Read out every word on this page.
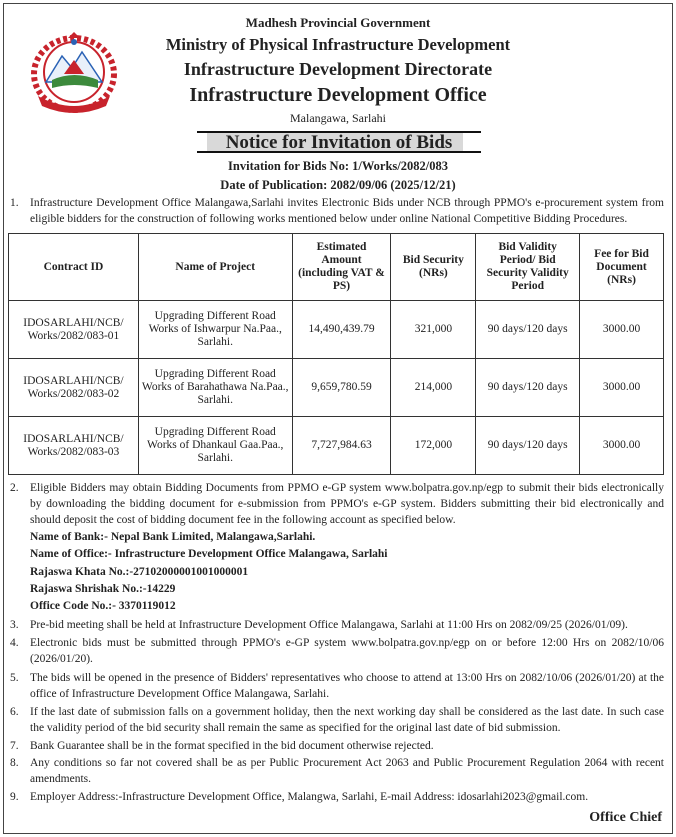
Madhesh Provincial Government
Ministry of Physical Infrastructure Development
Infrastructure Development Directorate
Infrastructure Development Office
Malangawa, Sarlahi
Notice for Invitation of Bids
Invitation for Bids No: 1/Works/2082/083
Date of Publication: 2082/09/06 (2025/12/21)
1. Infrastructure Development Office Malangawa,Sarlahi invites Electronic Bids under NCB through PPMO's e-procurement system from eligible bidders for the construction of following works mentioned below under online National Competitive Bidding Procedures.
Contract ID	Name of Project	Estimated Amount (including VAT & PS)	Bid Security (NRs)	Bid Validity Period/ Bid Security Validity Period	Fee for Bid Document (NRs)
IDOSARLAHI/NCB/ Works/2082/083-01	Upgrading Different Road Works of Ishwarpur Na.Paa., Sarlahi.	14,490,439.79	321,000	90 days/120 days	3000.00
IDOSARLAHI/NCB/ Works/2082/083-02	Upgrading Different Road Works of Barahathawa Na.Paa., Sarlahi.	9,659,780.59	214,000	90 days/120 days	3000.00
IDOSARLAHI/NCB/ Works/2082/083-03	Upgrading Different Road Works of Dhankaul Gaa.Paa., Sarlahi.	7,727,984.63	172,000	90 days/120 days	3000.00
2. Eligible Bidders may obtain Bidding Documents from PPMO e-GP system www.bolpatra.gov.np/egp to submit their bids electronically by downloading the bidding document for e-submission from PPMO's e-GP system. Bidders submitting their bid electronically and should deposit the cost of bidding document fee in the following account as specified below.
Name of Bank:- Nepal Bank Limited, Malangawa,Sarlahi.
Name of Office:- Infrastructure Development Office Malangawa, Sarlahi
Rajaswa Khata No.:-27102000001001000001
Rajaswa Shrishak No.:-14229
Office Code No.:- 3370119012
3. Pre-bid meeting shall be held at Infrastructure Development Office Malangawa, Sarlahi at 11:00 Hrs on 2082/09/25 (2026/01/09).
4. Electronic bids must be submitted through PPMO's e-GP system www.bolpatra.gov.np/egp on or before 12:00 Hrs on 2082/10/06 (2026/01/20).
5. The bids will be opened in the presence of Bidders' representatives who choose to attend at 13:00 Hrs on 2082/10/06 (2026/01/20) at the office of Infrastructure Development Office Malangawa, Sarlahi.
6. If the last date of submission falls on a government holiday, then the next working day shall be considered as the last date. In such case the validity period of the bid security shall remain the same as specified for the original last date of bid submission.
7. Bank Guarantee shall be in the format specified in the bid document otherwise rejected.
8. Any conditions so far not covered shall be as per Public Procurement Act 2063 and Public Procurement Regulation 2064 with recent amendments.
9. Employer Address:-Infrastructure Development Office, Malangwa, Sarlahi, E-mail Address: idosarlahi2023@gmail.com.
Office Chief
